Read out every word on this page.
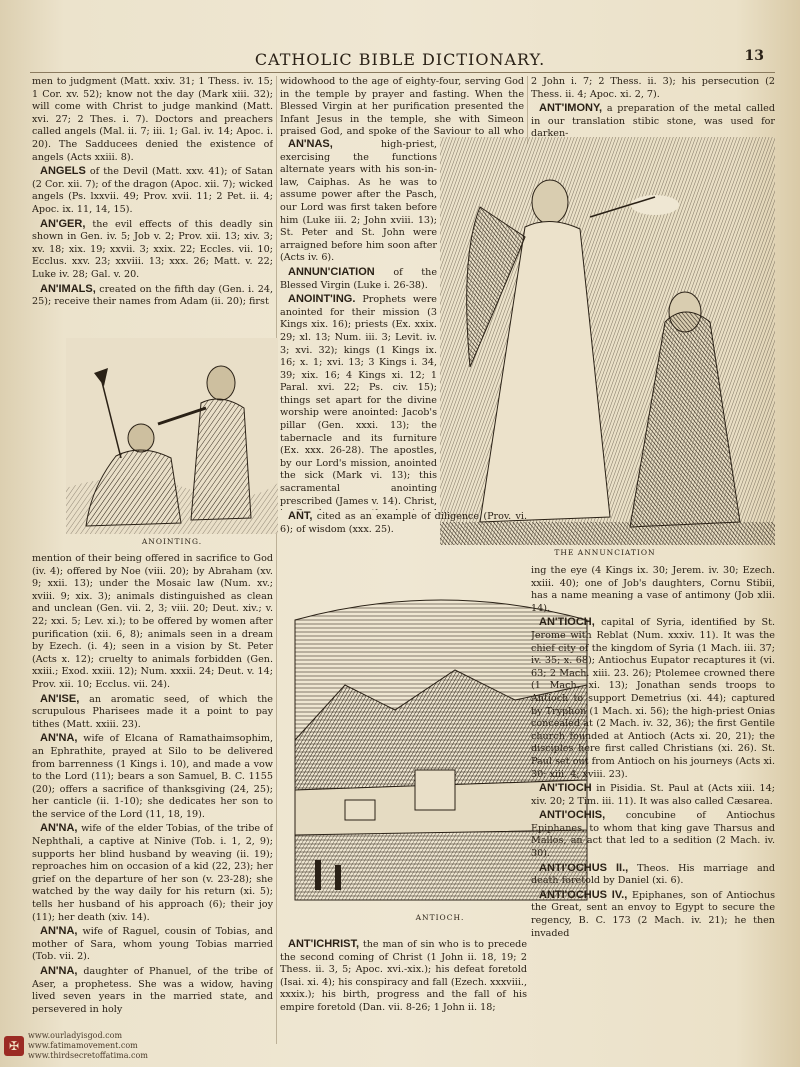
CATHOLIC BIBLE DICTIONARY.	13

men to judgment (Matt. xxiv. 31; 1 Thess. iv. 15; 1 Cor. xv. 52); know not the day (Mark xiii. 32); will come with Christ to judge mankind (Matt. xvi. 27; 2 Thes. i. 7). Doctors and preachers called angels (Mal. ii. 7; iii. 1; Gal. iv. 14; Apoc. i. 20). The Sadducees denied the existence of angels (Acts xxiii. 8).

ANGELS of the Devil (Matt. xxv. 41); of Satan (2 Cor. xii. 7); of the dragon (Apoc. xii. 7); wicked angels (Ps. lxxvii. 49; Prov. xvii. 11; 2 Pet. ii. 4; Apoc. ix. 11, 14, 15).

AN'GER, the evil effects of this deadly sin shown in Gen. iv. 5; Job v. 2; Prov. xii. 13; xiv. 3; xv. 18; xix. 19; xxvii. 3; xxix. 22; Eccles. vii. 10; Ecclus. xxv. 23; xxviii. 13; xxx. 26; Matt. v. 22; Luke iv. 28; Gal. v. 20.

AN'IMALS, created on the fifth day (Gen. i. 24, 25); receive their names from Adam (ii. 20); first

ANOINTING.

mention of their being offered in sacrifice to God (iv. 4); offered by Noe (viii. 20); by Abraham (xv. 9; xxii. 13); under the Mosaic law (Num. xv.; xviii. 9; xix. 3); animals distinguished as clean and unclean (Gen. vii. 2, 3; viii. 20; Deut. xiv.; v. 22; xxi. 5; Lev. xi.); to be offered by women after purification (xii. 6, 8); animals seen in a dream by Ezech. (i. 4); seen in a vision by St. Peter (Acts x. 12); cruelty to animals forbidden (Gen. xxiii.; Exod. xxiii. 12); Num. xxxii. 24; Deut. v. 14; Prov. xii. 10; Ecclus. vii. 24).

AN'ISE, an aromatic seed, of which the scrupulous Pharisees made it a point to pay tithes (Matt. xxiii. 23).

AN'NA, wife of Elcana of Ramathaimsophim, an Ephrathite, prayed at Silo to be delivered from barrenness (1 Kings i. 10), and made a vow to the Lord (11); bears a son Samuel, B. C. 1155 (20); offers a sacrifice of thanksgiving (24, 25); her canticle (ii. 1-10); she dedicates her son to the service of the Lord (11, 18, 19).

AN'NA, wife of the elder Tobias, of the tribe of Nephthali, a captive at Ninive (Tob. i. 1, 2, 9); supports her blind husband by weaving (ii. 19); reproaches him on occasion of a kid (22, 23); her grief on the departure of her son (v. 23-28); she watched by the way daily for his return (xi. 5); tells her husband of his approach (6); their joy (11); her death (xiv. 14).

AN'NA, wife of Raguel, cousin of Tobias, and mother of Sara, whom young Tobias married (Tob. vii. 2).

AN'NA, daughter of Phanuel, of the tribe of Aser, a prophetess. She was a widow, having lived seven years in the married state, and persevered in holy

widowhood to the age of eighty-four, serving God in the temple by prayer and fasting. When the Blessed Virgin at her purification presented the Infant Jesus in the temple, she with Simeon praised God, and spoke of the Saviour to all who

THE ANNUNCIATION

AN'NAS, high-priest, exercising the functions alternate years with his son-in-law, Caiphas. As he was to assume power after the Pasch, our Lord was first taken before him (Luke iii. 2; John xviii. 13); St. Peter and St. John were arraigned before him soon after (Acts iv. 6).

ANNUN'CIATION of the Blessed Virgin (Luke i. 26-38).

ANOINT'ING. Prophets were anointed for their mission (3 Kings xix. 16); priests (Ex. xxix. 29; xl. 13; Num. iii. 3; Levit. iv. 3; xvi. 32); kings (1 Kings ix. 16; x. 1; xvi. 13; 3 Kings i. 34, 39; xix. 16; 4 Kings xi. 12; 1 Paral. xvi. 22; Ps. civ. 15); things set apart for the divine worship were anointed: Jacob's pillar (Gen. xxxi. 13); the tabernacle and its furniture (Ex. xxx. 26-28). The apostles, by our Lord's mission, anointed the sick (Mark vi. 13); this sacramental anointing prescribed (James v. 14). Christ,

ANT, cited as an example of diligence (Prov. vi. 6); of wisdom (xxx. 25).

ANTIOCH.

ANT'ICHRIST, the man of sin who is to precede the second coming of Christ (1 John ii. 18, 19; 2 Thess. ii. 3, 5; Apoc. xvi.-xix.); his defeat foretold (Isai. xi. 4); his conspiracy and fall (Ezech. xxxviii., xxxix.); his birth, progress and the fall of his empire foretold (Dan. vii. 8-26; 1 John ii. 18;

2 John i. 7; 2 Thess. ii. 3); his persecution (2 Thess. ii. 4; Apoc. xi. 2, 7).

ANT'IMONY, a preparation of the metal called in our translation stibic stone, was used for darken-

ing the eye (4 Kings ix. 30; Jerem. iv. 30; Ezech. xxiii. 40); one of Job's daughters, Cornu Stibii, has a name meaning a vase of antimony (Job xlii. 14).

AN'TIOCH, capital of Syria, identified by St. Jerome with Reblat (Num. xxxiv. 11). It was the chief city of the kingdom of Syria (1 Mach. iii. 37; iv. 35; x. 68); Antiochus Eupator recaptures it (vi. 63; 2 Mach. xiii. 23. 26); Ptolemee crowned there (1 Mach. xi. 13); Jonathan sends troops to Antioch to support Demetrius (xi. 44); captured by Tryphon (1 Mach. xi. 56); the high-priest Onias concealed at (2 Mach. iv. 32, 36); the first Gentile church founded at Antioch (Acts xi. 20, 21); the disciples here first called Christians (xi. 26). St. Paul set out from Antioch on his journeys (Acts xi. 30; xiii. 4; xviii. 23).

AN'TIOCH in Pisidia. St. Paul at (Acts xiii. 14; xiv. 20; 2 Tim. iii. 11). It was also called Cæsarea.

ANTI'OCHIS, concubine of Antiochus Epiphanes, to whom that king gave Tharsus and Mallos, an act that led to a sedition (2 Mach. iv. 30).

ANTI'OCHUS II., Theos. His marriage and death foretold by Daniel (xi. 6).

ANTI'OCHUS IV., Epiphanes, son of Antiochus the Great, sent an envoy to Egypt to secure the regency, B. C. 173 (2 Mach. iv. 21); he then invaded

✠
www.ourladyisgod.com
www.fatimamovement.com
www.thirdsecretoffatima.com
